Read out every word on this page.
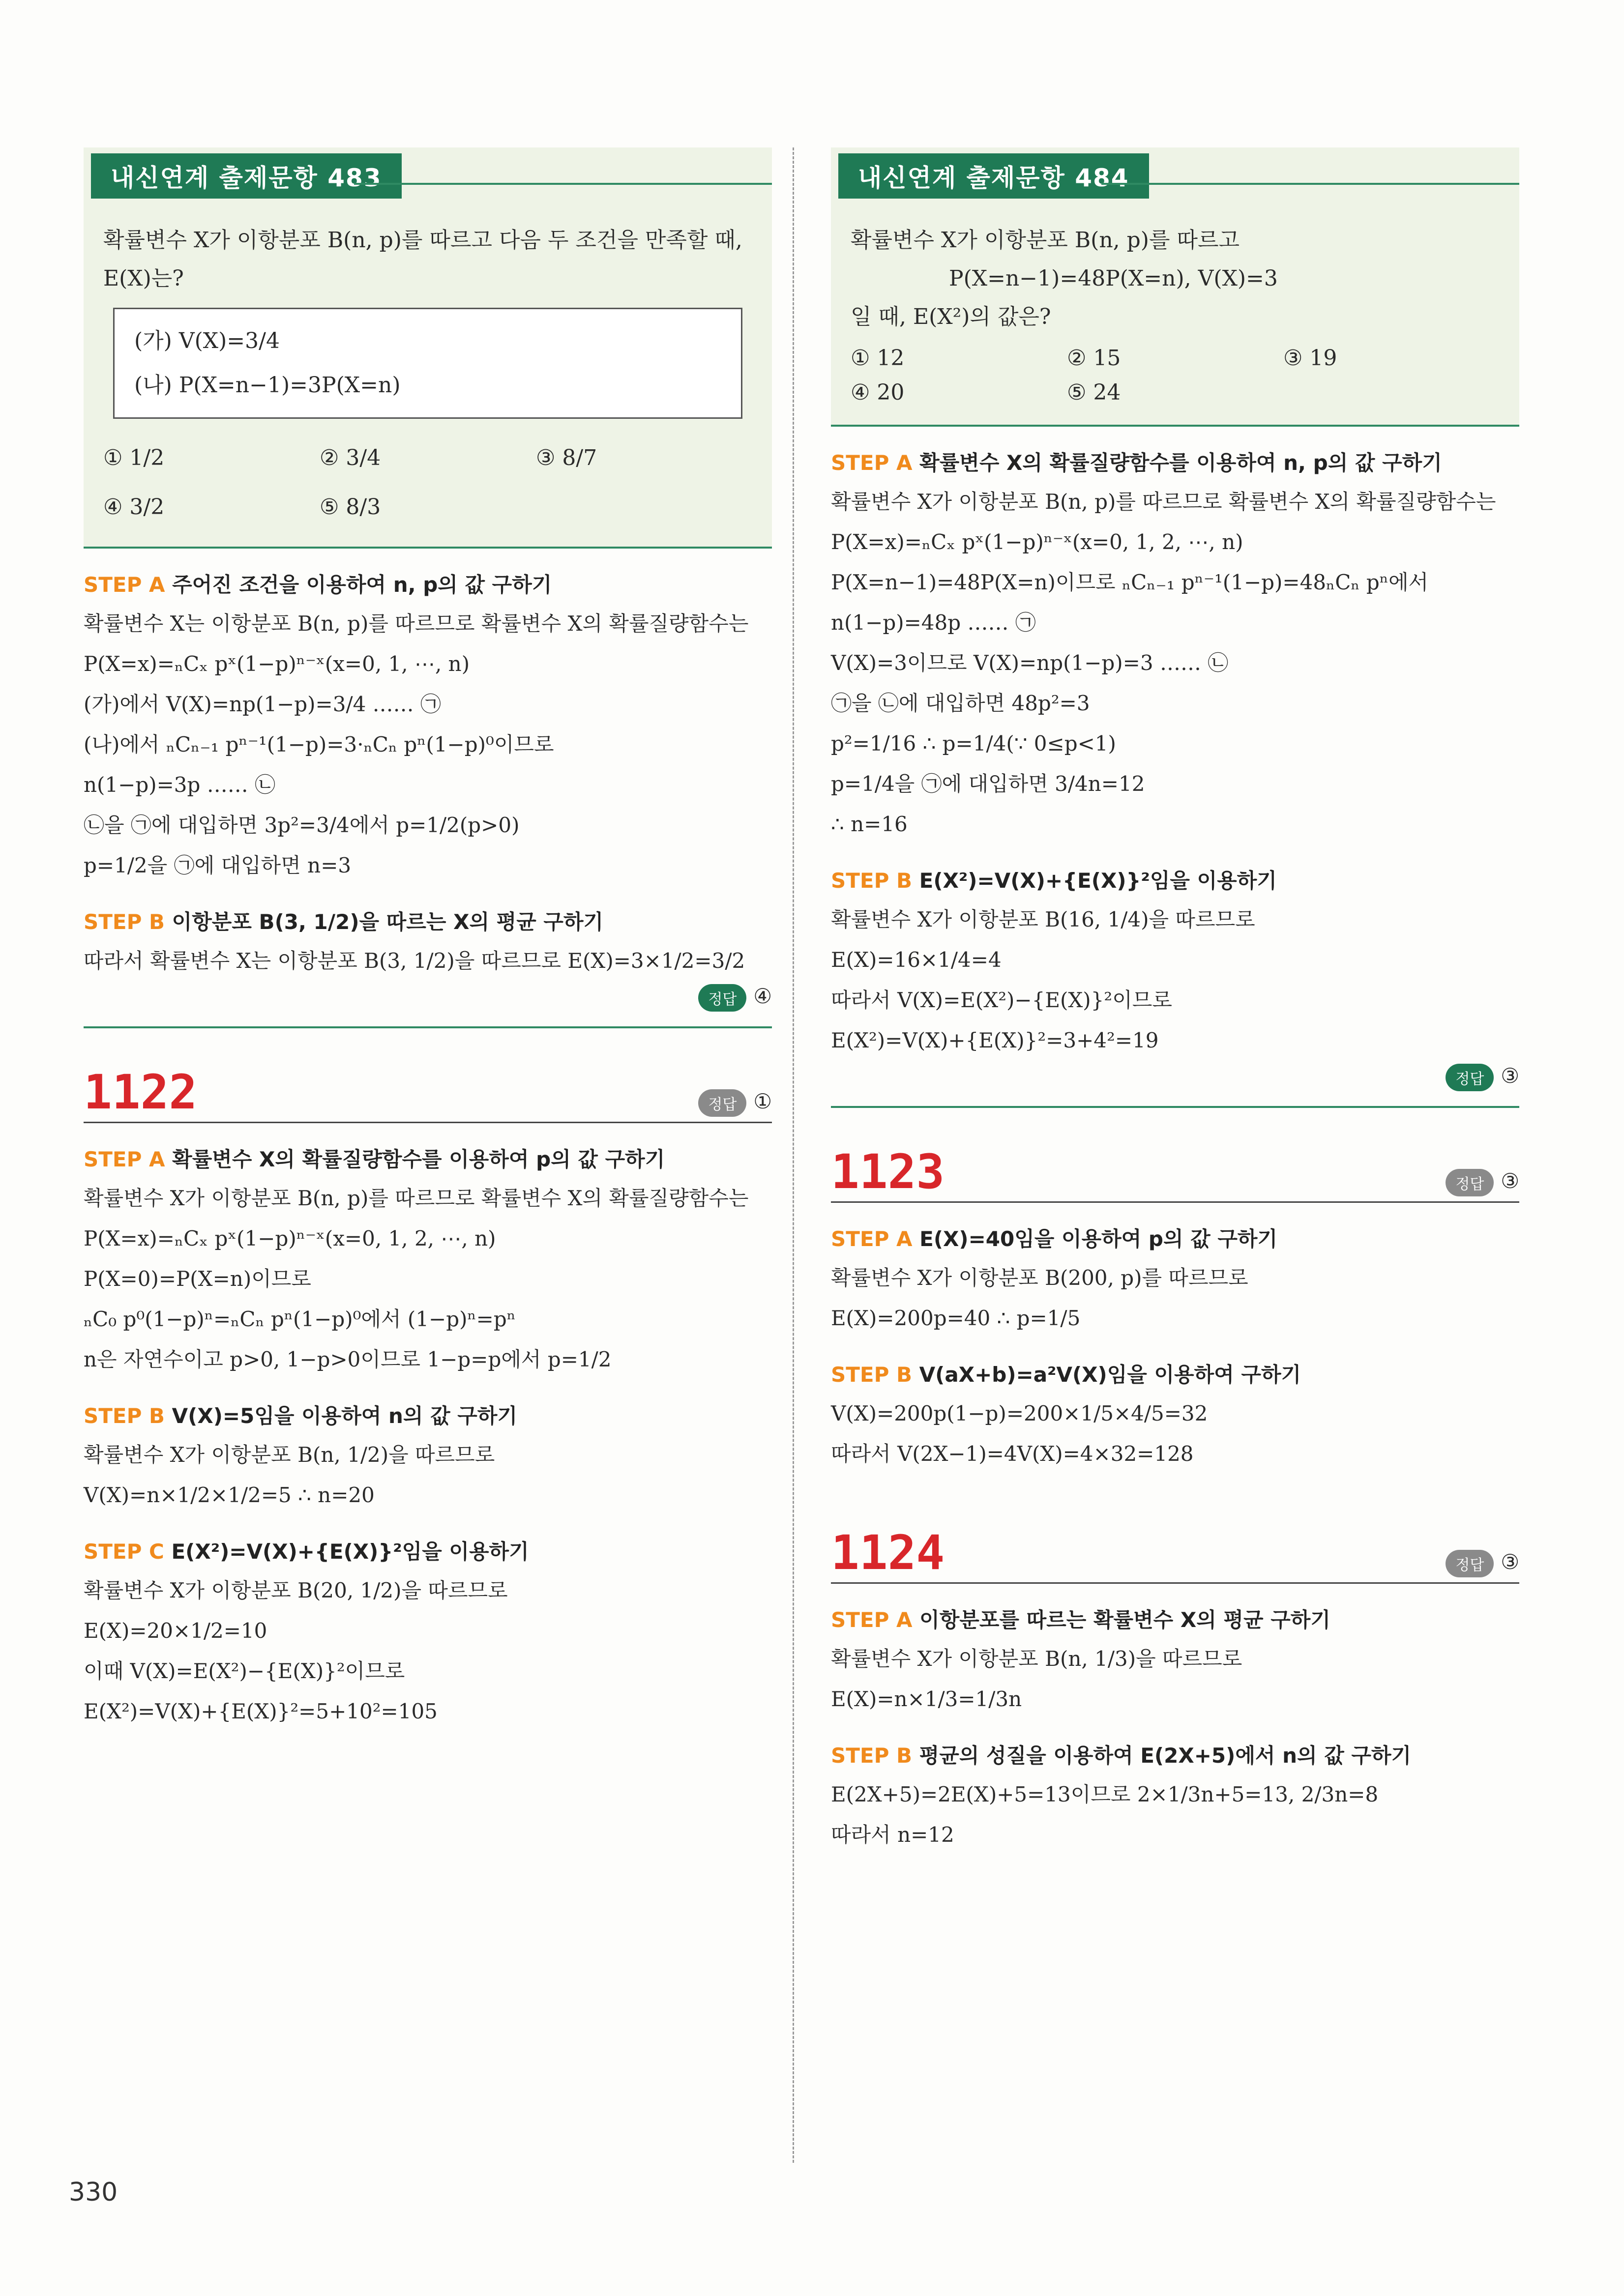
내신연계 출제문항 483
확률변수 X가 이항분포 B(n, p)를 따르고 다음 두 조건을 만족할 때,
E(X)는?
(가) V(X)=3/4
(나) P(X=n−1)=3P(X=n)
① 1/2	② 3/4	③ 8/7
④ 3/2	⑤ 8/3
STEP A 주어진 조건을 이용하여 n, p의 값 구하기
확률변수 X는 이항분포 B(n, p)를 따르므로 확률변수 X의 확률질량함수는
P(X=x)=ₙCₓ pˣ(1−p)ⁿ⁻ˣ(x=0, 1, ⋯, n)
(가)에서 V(X)=np(1−p)=3/4 …… ㉠
(나)에서 ₙCₙ₋₁ pⁿ⁻¹(1−p)=3·ₙCₙ pⁿ(1−p)⁰이므로
n(1−p)=3p …… ㉡
㉡을 ㉠에 대입하면 3p²=3/4에서 p=1/2(p>0)
p=1/2을 ㉠에 대입하면 n=3
STEP B 이항분포 B(3, 1/2)을 따르는 X의 평균 구하기
따라서 확률변수 X는 이항분포 B(3, 1/2)을 따르므로 E(X)=3×1/2=3/2
정답 ④
1122	정답 ①
STEP A 확률변수 X의 확률질량함수를 이용하여 p의 값 구하기
확률변수 X가 이항분포 B(n, p)를 따르므로 확률변수 X의 확률질량함수는
P(X=x)=ₙCₓ pˣ(1−p)ⁿ⁻ˣ(x=0, 1, 2, ⋯, n)
P(X=0)=P(X=n)이므로
ₙC₀ p⁰(1−p)ⁿ=ₙCₙ pⁿ(1−p)⁰에서 (1−p)ⁿ=pⁿ
n은 자연수이고 p>0, 1−p>0이므로 1−p=p에서 p=1/2
STEP B V(X)=5임을 이용하여 n의 값 구하기
확률변수 X가 이항분포 B(n, 1/2)을 따르므로
V(X)=n×1/2×1/2=5 ∴ n=20
STEP C E(X²)=V(X)+{E(X)}²임을 이용하기
확률변수 X가 이항분포 B(20, 1/2)을 따르므로
E(X)=20×1/2=10
이때 V(X)=E(X²)−{E(X)}²이므로
E(X²)=V(X)+{E(X)}²=5+10²=105
내신연계 출제문항 484
확률변수 X가 이항분포 B(n, p)를 따르고
P(X=n−1)=48P(X=n), V(X)=3
일 때, E(X²)의 값은?
① 12	② 15	③ 19
④ 20	⑤ 24
STEP A 확률변수 X의 확률질량함수를 이용하여 n, p의 값 구하기
확률변수 X가 이항분포 B(n, p)를 따르므로 확률변수 X의 확률질량함수는
P(X=x)=ₙCₓ pˣ(1−p)ⁿ⁻ˣ(x=0, 1, 2, ⋯, n)
P(X=n−1)=48P(X=n)이므로 ₙCₙ₋₁ pⁿ⁻¹(1−p)=48ₙCₙ pⁿ에서
n(1−p)=48p …… ㉠
V(X)=3이므로 V(X)=np(1−p)=3 …… ㉡
㉠을 ㉡에 대입하면 48p²=3
p²=1/16 ∴ p=1/4(∵ 0≤p<1)
p=1/4을 ㉠에 대입하면 3/4n=12
∴ n=16
STEP B E(X²)=V(X)+{E(X)}²임을 이용하기
확률변수 X가 이항분포 B(16, 1/4)을 따르므로
E(X)=16×1/4=4
따라서 V(X)=E(X²)−{E(X)}²이므로
E(X²)=V(X)+{E(X)}²=3+4²=19
정답 ③
1123	정답 ③
STEP A E(X)=40임을 이용하여 p의 값 구하기
확률변수 X가 이항분포 B(200, p)를 따르므로
E(X)=200p=40 ∴ p=1/5
STEP B V(aX+b)=a²V(X)임을 이용하여 구하기
V(X)=200p(1−p)=200×1/5×4/5=32
따라서 V(2X−1)=4V(X)=4×32=128
1124	정답 ③
STEP A 이항분포를 따르는 확률변수 X의 평균 구하기
확률변수 X가 이항분포 B(n, 1/3)을 따르므로
E(X)=n×1/3=1/3n
STEP B 평균의 성질을 이용하여 E(2X+5)에서 n의 값 구하기
E(2X+5)=2E(X)+5=13이므로 2×1/3n+5=13, 2/3n=8
따라서 n=12
330
